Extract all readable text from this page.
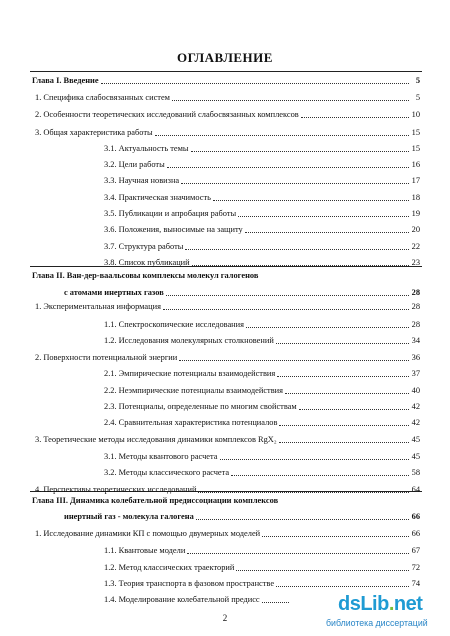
ОГЛАВЛЕНИЕ
Глава I. Введение	5
1. Специфика слабосвязанных систем	5
2. Особенности теоретических исследований слабосвязанных комплексов	10
3. Общая характеристика работы	15
3.1. Актуальность темы	15
3.2. Цели работы	16
3.3. Научная новизна	17
3.4. Практическая значимость	18
3.5. Публикации и апробация работы	19
3.6. Положения, выносимые на защиту	20
3.7. Структура работы	22
3.8. Список публикаций	23
Глава II. Ван-дер-ваальсовы комплексы молекул галогенов
с атомами инертных газов	28
1. Экспериментальная информация	28
1.1. Спектроскопические исследования	28
1.2. Исследования молекулярных столкновений	34
2. Поверхности потенциальной энергии	36
2.1. Эмпирические потенциалы взаимодействия	37
2.2. Неэмпирические потенциалы взаимодействия	40
2.3. Потенциалы, определенные по многим свойствам	42
2.4. Сравнительная характеристика потенциалов	42
3. Теоретические методы исследования динамики комплексов RgX₂	45
3.1. Методы квантового расчета	45
3.2. Методы классического расчета	58
4. Перспективы теоретических исследований	64
Глава III. Динамика колебательной предиссоциации комплексов
инертный газ - молекула галогена	66
1. Исследование динамики КП с помощью двумерных моделей	66
1.1. Квантовые модели	67
1.2. Метод классических траекторий	72
1.3. Теория транспорта в фазовом пространстве	74
1.4. Моделирование колебательной предисс
2
dsLib.net
библиотека диссертаций
